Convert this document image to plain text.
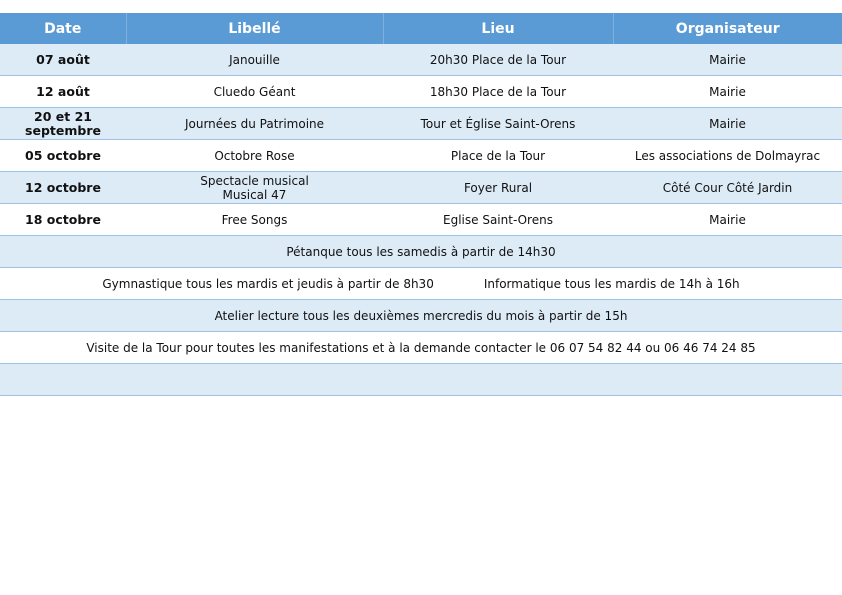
Date	Libellé	Lieu	Organisateur
07 août	Janouille	20h30 Place de la Tour	Mairie
12 août	Cluedo Géant	18h30 Place de la Tour	Mairie
20 et 21 septembre	Journées du Patrimoine	Tour et Église Saint-Orens	Mairie
05 octobre	Octobre Rose	Place de la Tour	Les associations de Dolmayrac
12 octobre	Spectacle musical Musical 47	Foyer Rural	Côté Cour Côté Jardin
18 octobre	Free Songs	Eglise Saint-Orens	Mairie
Pétanque tous les samedis à partir de 14h30			

Gymnastique tous les mardis et jeudis à partir de 8h30 Informatique tous les mardis de 14h à 16h			

Atelier lecture tous les deuxièmes mercredis du mois à partir de 15h			
Visite de la Tour pour toutes les manifestations et à la demande contacter le 06 07 54 82 44 ou 06 46 74 24 85			
